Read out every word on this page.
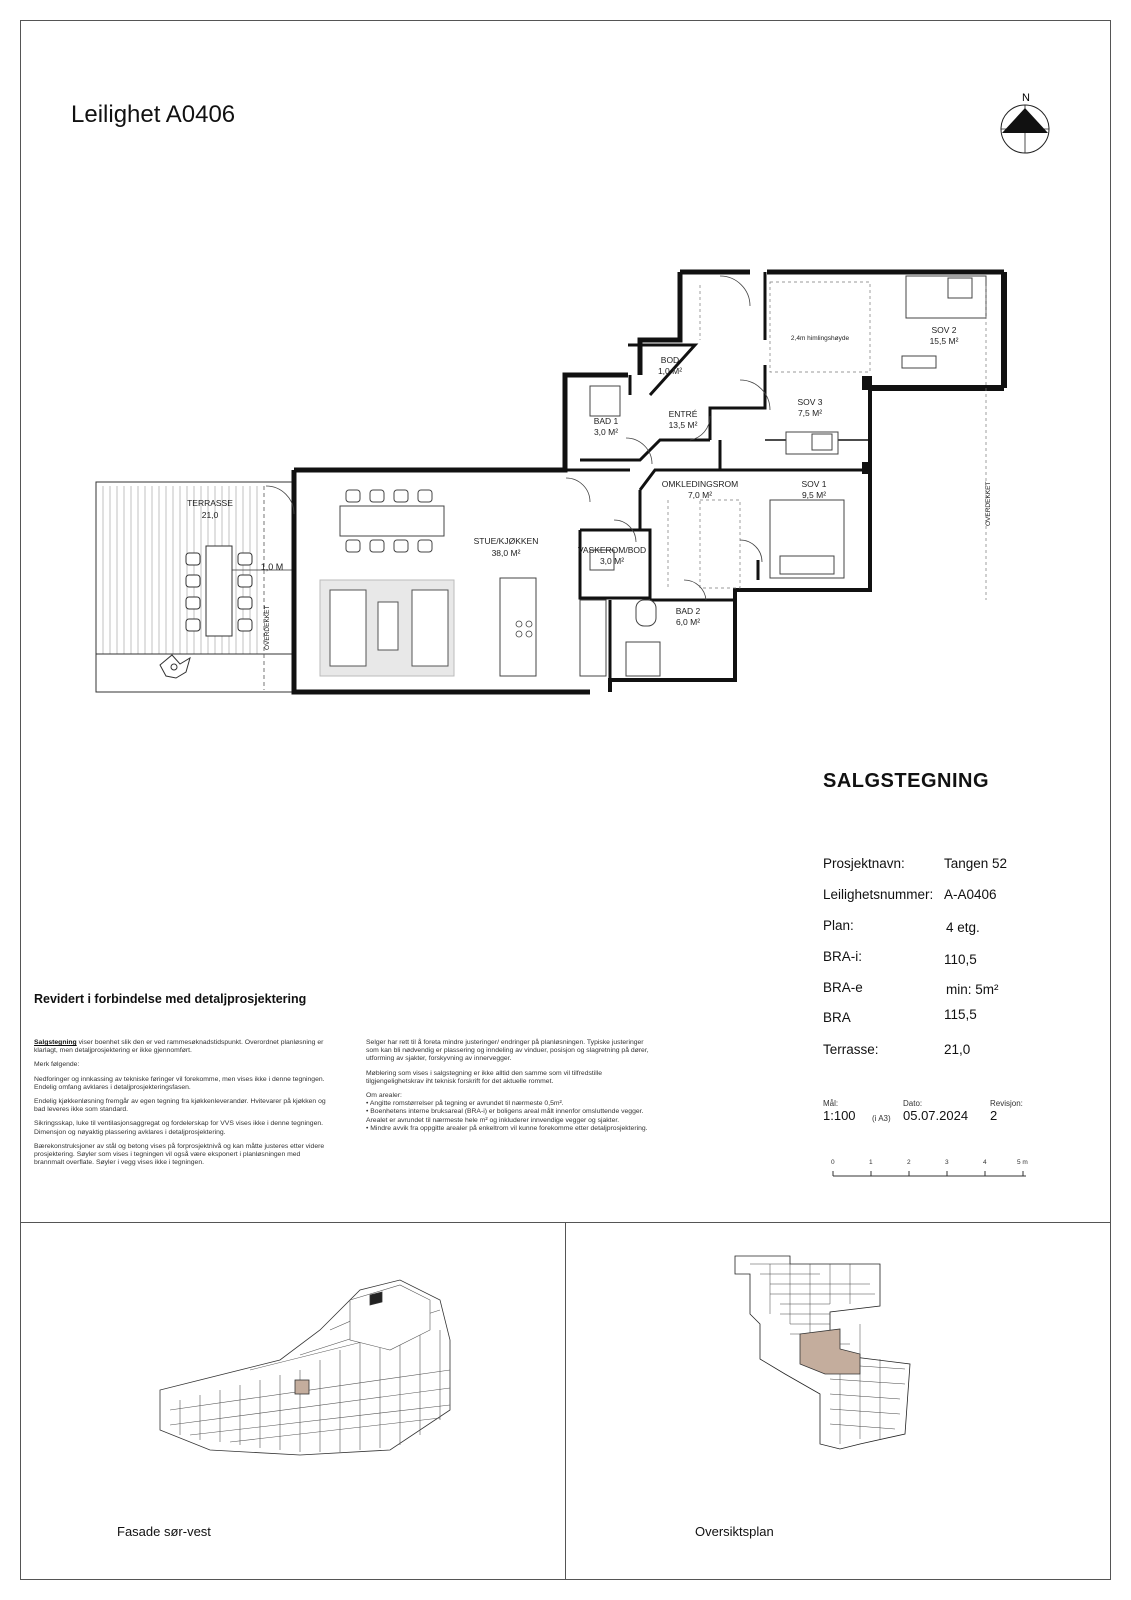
Leilighet A0406
N
TERRASSE
21,0
STUE/KJØKKEN
38,0 M²
BOD
1,0 M²
BAD 1
3,0 M²
ENTRÉ
13,5 M²
SOV 2
15,5 M²
SOV 3
7,5 M²
OMKLEDINGSROM
7,0 M²
SOV 1
9,5 M²
VASKEROM/BOD
3,0 M²
BAD 2
6,0 M²
2,4m himlingshøyde
1,0 M
OVERDEKKET
OVERDEKKET
SALGSTEGNING
Prosjektnavn:	Tangen 52
Leilighetsnummer: A-A0406
Plan:	4 etg.
BRA-i:	110,5
BRA-e	min: 5m²
BRA	115,5
Terrasse:	21,0
Mål:
1:100 (i A3)
Dato:
05.07.2024
Revisjon:
2
0	1	2	3	4	5 m
Revidert i forbindelse med detaljprosjektering

Salgstegning viser boenhet slik den er ved rammesøknadstidspunkt. Overordnet planløsning er klarlagt, men detaljprosjektering er ikke gjennomført.

Merk følgende:

Nedforinger og innkassing av tekniske føringer vil forekomme, men vises ikke i denne tegningen. Endelig omfang avklares i detaljprosjekteringsfasen.

Endelig kjøkkenløsning fremgår av egen tegning fra kjøkkenleverandør. Hvitevarer på kjøkken og bad leveres ikke som standard.

Sikringsskap, luke til ventilasjonsaggregat og fordelerskap for VVS vises ikke i denne tegningen. Dimensjon og nøyaktig plassering avklares i detaljprosjektering.

Bærekonstruksjoner av stål og betong vises på forprosjektnivå og kan måtte justeres etter videre prosjektering. Søyler som vises i tegningen vil også være eksponert i planløsningen med brannmalt overflate. Søyler i vegg vises ikke i tegningen.

Selger har rett til å foreta mindre justeringer/ endringer på planløsningen. Typiske justeringer som kan bli nødvendig er plassering og inndeling av vinduer, posisjon og slagretning på dører, utforming av sjakter, forskyvning av innervegger.

Møblering som vises i salgstegning er ikke alltid den samme som vil tilfredstille tilgjengelighetskrav iht teknisk forskrift for det aktuelle rommet.

Om arealer:

• Angitte romstørrelser på tegning er avrundet til nærmeste 0,5m².
• Boenhetens interne bruksareal (BRA-i) er boligens areal målt innenfor omsluttende vegger. Arealet er avrundet til nærmeste hele m² og inkluderer innvendige vegger og sjakter.
• Mindre avvik fra oppgitte arealer på enkeltrom vil kunne forekomme etter detaljprosjektering.
Fasade sør-vest	Oversiktsplan
